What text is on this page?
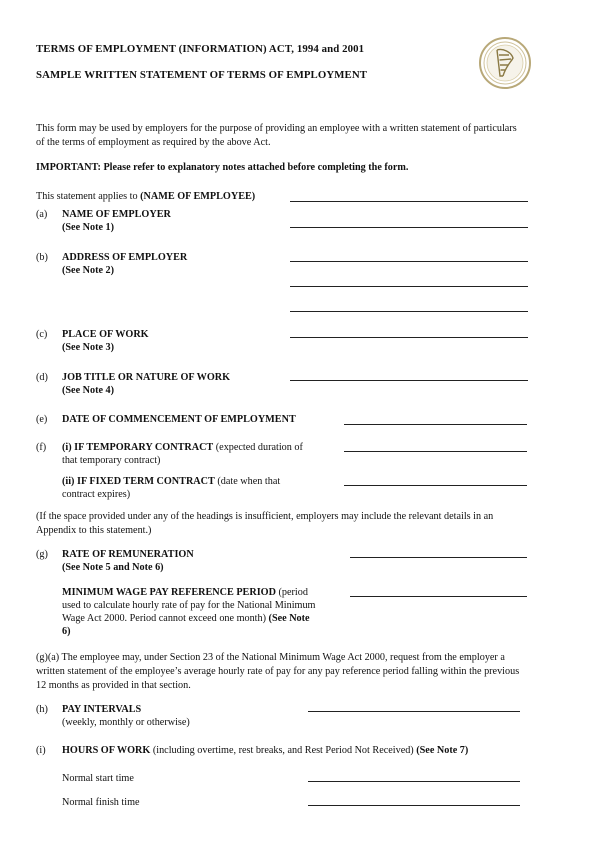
TERMS OF EMPLOYMENT (INFORMATION) ACT, 1994 and 2001
SAMPLE WRITTEN STATEMENT OF TERMS OF EMPLOYMENT
This form may be used by employers for the purpose of providing an employee with a written statement of particulars
of the terms of employment as required by the above Act.
IMPORTANT: Please refer to explanatory notes attached before completing the form.
This statement applies to (NAME OF EMPLOYEE)
(a) NAME OF EMPLOYER
(See Note 1)
(b) ADDRESS OF EMPLOYER
(See Note 2)
(c) PLACE OF WORK
(See Note 3)
(d) JOB TITLE OR NATURE OF WORK
(See Note 4)
(e) DATE OF COMMENCEMENT OF EMPLOYMENT
(f) (i) IF TEMPORARY CONTRACT (expected duration of
that temporary contract)
(ii) IF FIXED TERM CONTRACT (date when that
contract expires)
(If the space provided under any of the headings is insufficient, employers may include the relevant details in an
Appendix to this statement.)
(g) RATE OF REMUNERATION
(See Note 5 and Note 6)
MINIMUM WAGE PAY REFERENCE PERIOD (period
used to calculate hourly rate of pay for the National Minimum
Wage Act 2000. Period cannot exceed one month) (See Note
6)
(g)(a) The employee may, under Section 23 of the National Minimum Wage Act 2000, request from the employer a
written statement of the employee’s average hourly rate of pay for any pay reference period falling within the previous
12 months as provided in that section.
(h) PAY INTERVALS
(weekly, monthly or otherwise)
(i) HOURS OF WORK (including overtime, rest breaks, and Rest Period Not Received) (See Note 7)
Normal start time
Normal finish time
